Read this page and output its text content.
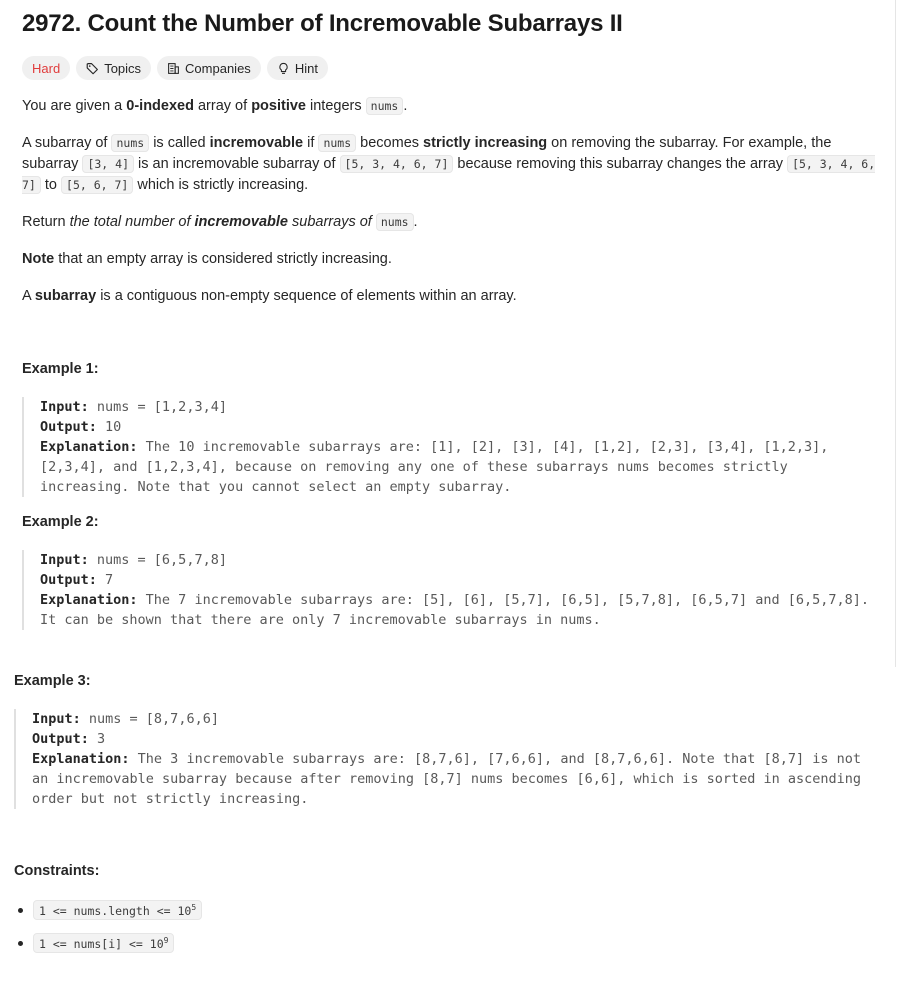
2972. Count the Number of Incremovable Subarrays II
Hard	Topics	Companies	Hint

You are given a 0-indexed array of positive integers nums .

A subarray of nums is called incremovable if nums becomes strictly increasing on removing the subarray. For example, the subarray [3, 4] is an incremovable subarray of [5, 3, 4, 6, 7] because removing this subarray changes the array [5, 3, 4, 6, 7] to [5, 6, 7] which is strictly increasing.

Return the total number of incremovable subarrays of nums .

Note that an empty array is considered strictly increasing.

A subarray is a contiguous non-empty sequence of elements within an array.

Example 1:

Input: nums = [1,2,3,4]
Output: 10
Explanation: The 10 incremovable subarrays are: [1], [2], [3], [4], [1,2], [2,3], [3,4], [1,2,3], [2,3,4], and [1,2,3,4], because on removing any one of these subarrays nums becomes strictly increasing. Note that you cannot select an empty subarray.

Example 2:

Input: nums = [6,5,7,8]
Output: 7
Explanation: The 7 incremovable subarrays are: [5], [6], [5,7], [6,5], [5,7,8], [6,5,7] and [6,5,7,8].
It can be shown that there are only 7 incremovable subarrays in nums.

Example 3:

Input: nums = [8,7,6,6]
Output: 3
Explanation: The 3 incremovable subarrays are: [8,7,6], [7,6,6], and [8,7,6,6]. Note that [8,7] is not an incremovable subarray because after removing [8,7] nums becomes [6,6], which is sorted in ascending order but not strictly increasing.

Constraints:

1 <= nums.length <= $10^5$
1 <= nums[i] <= $10^9$
